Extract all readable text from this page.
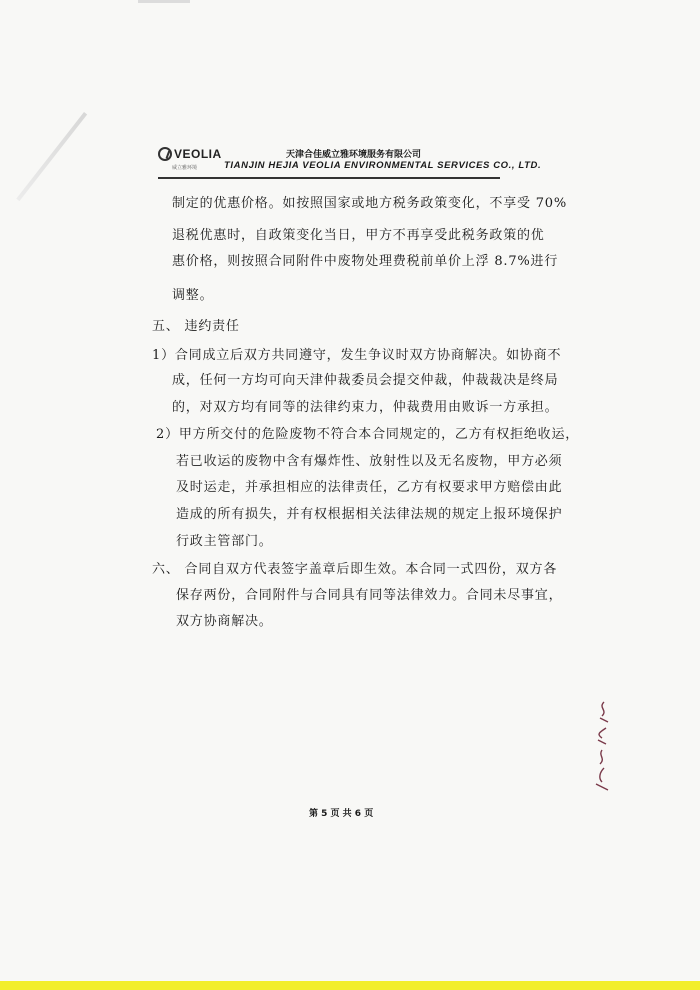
VEOLIA
威立雅环境
天津合佳威立雅环境服务有限公司
TIANJIN HEJIA VEOLIA ENVIRONMENTAL SERVICES CO., LTD.
制定的优惠价格。如按照国家或地方税务政策变化，不享受 70%
退税优惠时，自政策变化当日，甲方不再享受此税务政策的优
惠价格，则按照合同附件中废物处理费税前单价上浮 8.7%进行
调整。
五、 违约责任
1）合同成立后双方共同遵守，发生争议时双方协商解决。如协商不
成，任何一方均可向天津仲裁委员会提交仲裁，仲裁裁决是终局
的，对双方均有同等的法律约束力，仲裁费用由败诉一方承担。
2）甲方所交付的危险废物不符合本合同规定的，乙方有权拒绝收运，
若已收运的废物中含有爆炸性、放射性以及无名废物，甲方必须
及时运走，并承担相应的法律责任，乙方有权要求甲方赔偿由此
造成的所有损失，并有权根据相关法律法规的规定上报环境保护
行政主管部门。
六、 合同自双方代表签字盖章后即生效。本合同一式四份，双方各
保存两份，合同附件与合同具有同等法律效力。合同未尽事宜，
双方协商解决。
第 5 页 共 6 页
